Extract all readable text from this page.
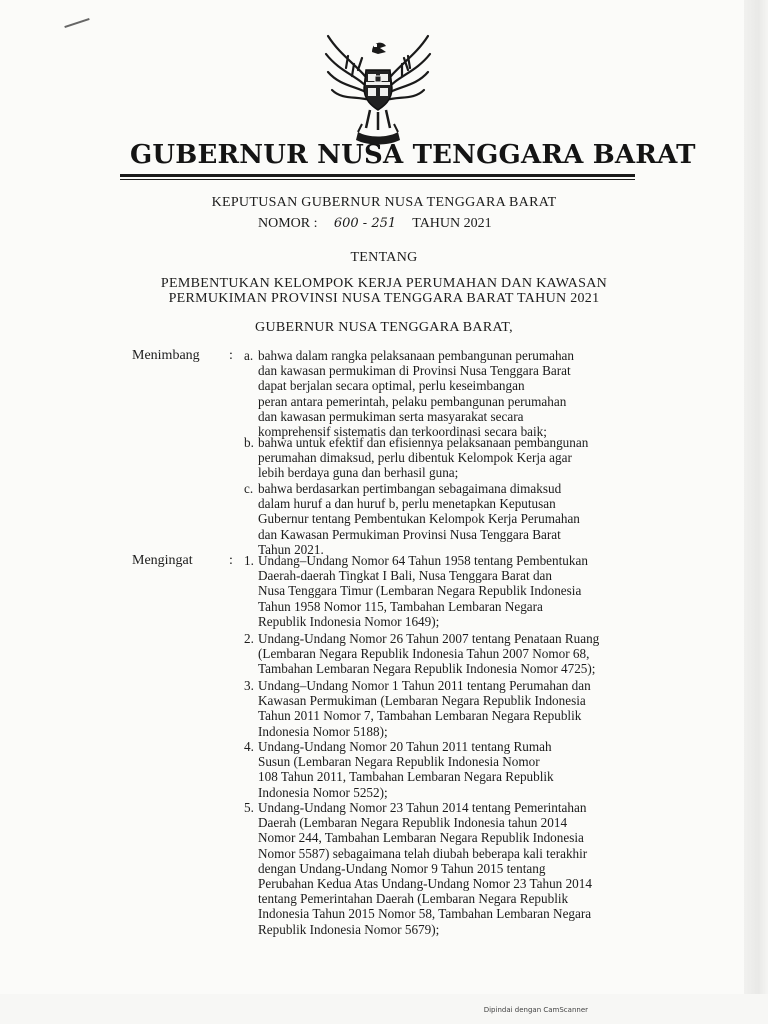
GUBERNUR NUSA TENGGARA BARAT
KEPUTUSAN GUBERNUR NUSA TENGGARA BARAT
NOMOR : 600 - 251 TAHUN 2021
TENTANG
PEMBENTUKAN KELOMPOK KERJA PERUMAHAN DAN KAWASAN
PERMUKIMAN PROVINSI NUSA TENGGARA BARAT TAHUN 2021
GUBERNUR NUSA TENGGARA BARAT,
Menimbang : a. bahwa dalam rangka pelaksanaan pembangunan perumahan
dan kawasan permukiman di Provinsi Nusa Tenggara Barat
dapat berjalan secara optimal, perlu keseimbangan
peran antara pemerintah, pelaku pembangunan perumahan
dan kawasan permukiman serta masyarakat secara
komprehensif sistematis dan terkoordinasi secara baik;
b. bahwa untuk efektif dan efisiennya pelaksanaan pembangunan
perumahan dimaksud, perlu dibentuk Kelompok Kerja agar
lebih berdaya guna dan berhasil guna;
c. bahwa berdasarkan pertimbangan sebagaimana dimaksud
dalam huruf a dan huruf b, perlu menetapkan Keputusan
Gubernur tentang Pembentukan Kelompok Kerja Perumahan
dan Kawasan Permukiman Provinsi Nusa Tenggara Barat
Tahun 2021.
Mengingat	: 1. Undang–Undang Nomor 64 Tahun 1958 tentang Pembentukan
Daerah-daerah Tingkat I Bali, Nusa Tenggara Barat dan
Nusa Tenggara Timur (Lembaran Negara Republik Indonesia
Tahun 1958 Nomor 115, Tambahan Lembaran Negara
Republik Indonesia Nomor 1649);
2. Undang-Undang Nomor 26 Tahun 2007 tentang Penataan Ruang
(Lembaran Negara Republik Indonesia Tahun 2007 Nomor 68,
Tambahan Lembaran Negara Republik Indonesia Nomor 4725);
3. Undang–Undang Nomor 1 Tahun 2011 tentang Perumahan dan
Kawasan Permukiman (Lembaran Negara Republik Indonesia
Tahun 2011 Nomor 7, Tambahan Lembaran Negara Republik
Indonesia Nomor 5188);
4. Undang-Undang Nomor 20 Tahun 2011 tentang Rumah
Susun (Lembaran Negara Republik Indonesia Nomor
108 Tahun 2011, Tambahan Lembaran Negara Republik
Indonesia Nomor 5252);
5. Undang-Undang Nomor 23 Tahun 2014 tentang Pemerintahan
Daerah (Lembaran Negara Republik Indonesia tahun 2014
Nomor 244, Tambahan Lembaran Negara Republik Indonesia
Nomor 5587) sebagaimana telah diubah beberapa kali terakhir
dengan Undang-Undang Nomor 9 Tahun 2015 tentang
Perubahan Kedua Atas Undang-Undang Nomor 23 Tahun 2014
tentang Pemerintahan Daerah (Lembaran Negara Republik
Indonesia Tahun 2015 Nomor 58, Tambahan Lembaran Negara
Republik Indonesia Nomor 5679);
Dipindai dengan CamScanner
